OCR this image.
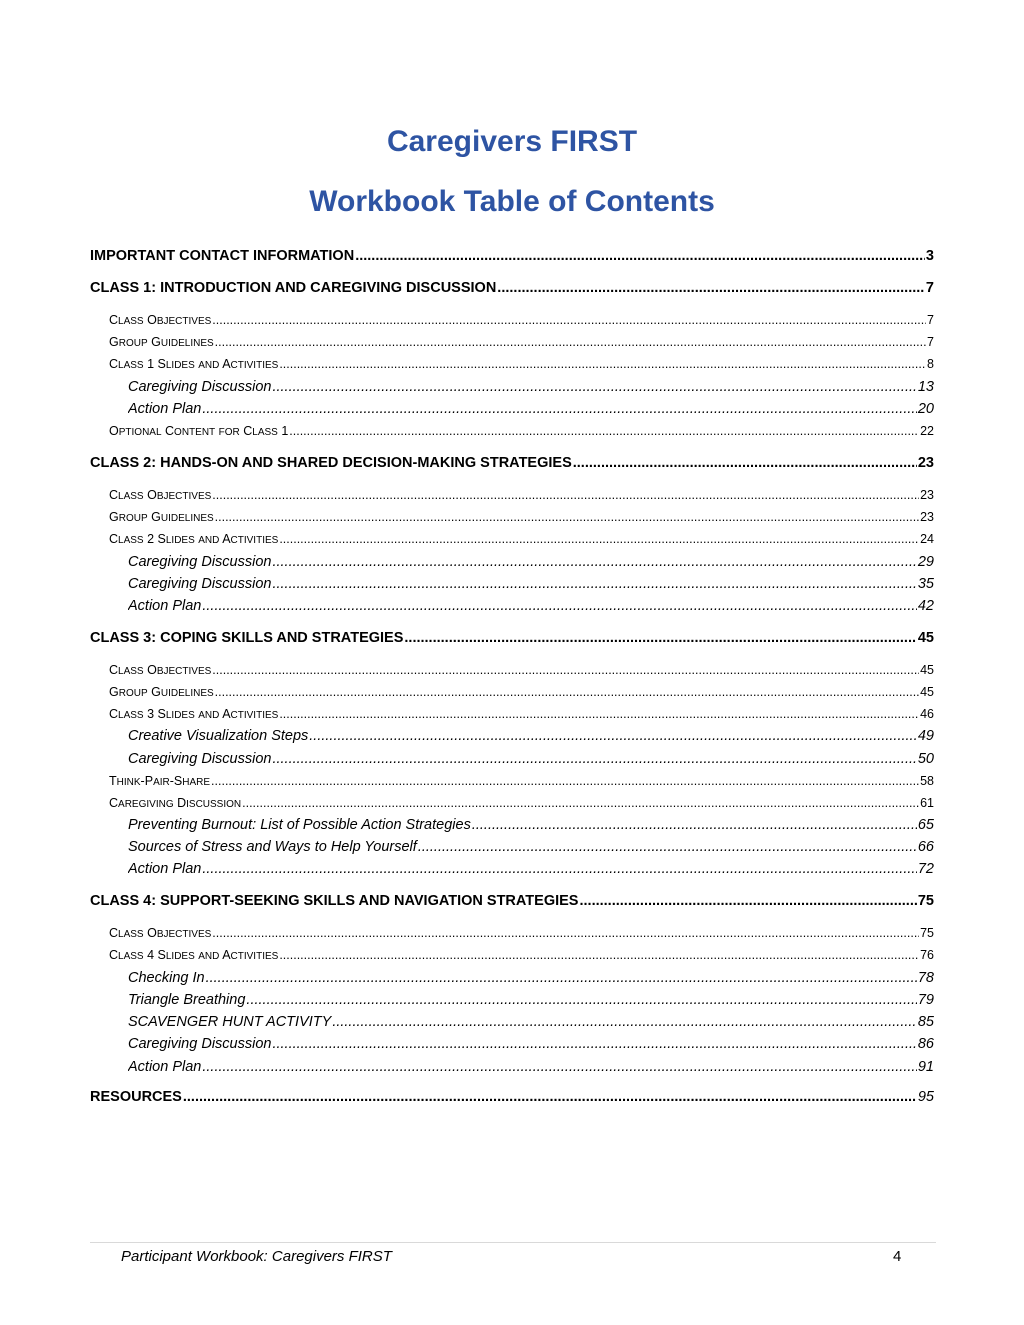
Caregivers FIRST
Workbook Table of Contents
IMPORTANT CONTACT INFORMATION .....	3
CLASS 1: INTRODUCTION AND CAREGIVING DISCUSSION .....	7
CLASS OBJECTIVES .....	7
GROUP GUIDELINES .....	7
CLASS 1 SLIDES AND ACTIVITIES .....	8
Caregiving Discussion .....	13
Action Plan .....	20
OPTIONAL CONTENT FOR CLASS 1 .....	22
CLASS 2: HANDS-ON AND SHARED DECISION-MAKING STRATEGIES .....	23
CLASS OBJECTIVES .....	23
GROUP GUIDELINES .....	23
CLASS 2 SLIDES AND ACTIVITIES .....	24
Caregiving Discussion .....	29
Caregiving Discussion .....	35
Action Plan .....	42
CLASS 3: COPING SKILLS AND STRATEGIES .....	45
CLASS OBJECTIVES .....	45
GROUP GUIDELINES .....	45
CLASS 3 SLIDES AND ACTIVITIES .....	46
Creative Visualization Steps .....	49
Caregiving Discussion .....	50
THINK-PAIR-SHARE .....	58
CAREGIVING DISCUSSION .....	61
Preventing Burnout: List of Possible Action Strategies .....	65
Sources of Stress and Ways to Help Yourself .....	66
Action Plan .....	72
CLASS 4: SUPPORT-SEEKING SKILLS AND NAVIGATION STRATEGIES .....	75
CLASS OBJECTIVES .....	75
CLASS 4 SLIDES AND ACTIVITIES .....	76
Checking In .....	78
Triangle Breathing .....	79
SCAVENGER HUNT ACTIVITY .....	85
Caregiving Discussion .....	86
Action Plan .....	91
RESOURCES .....	95
Participant Workbook: Caregivers FIRST	4
